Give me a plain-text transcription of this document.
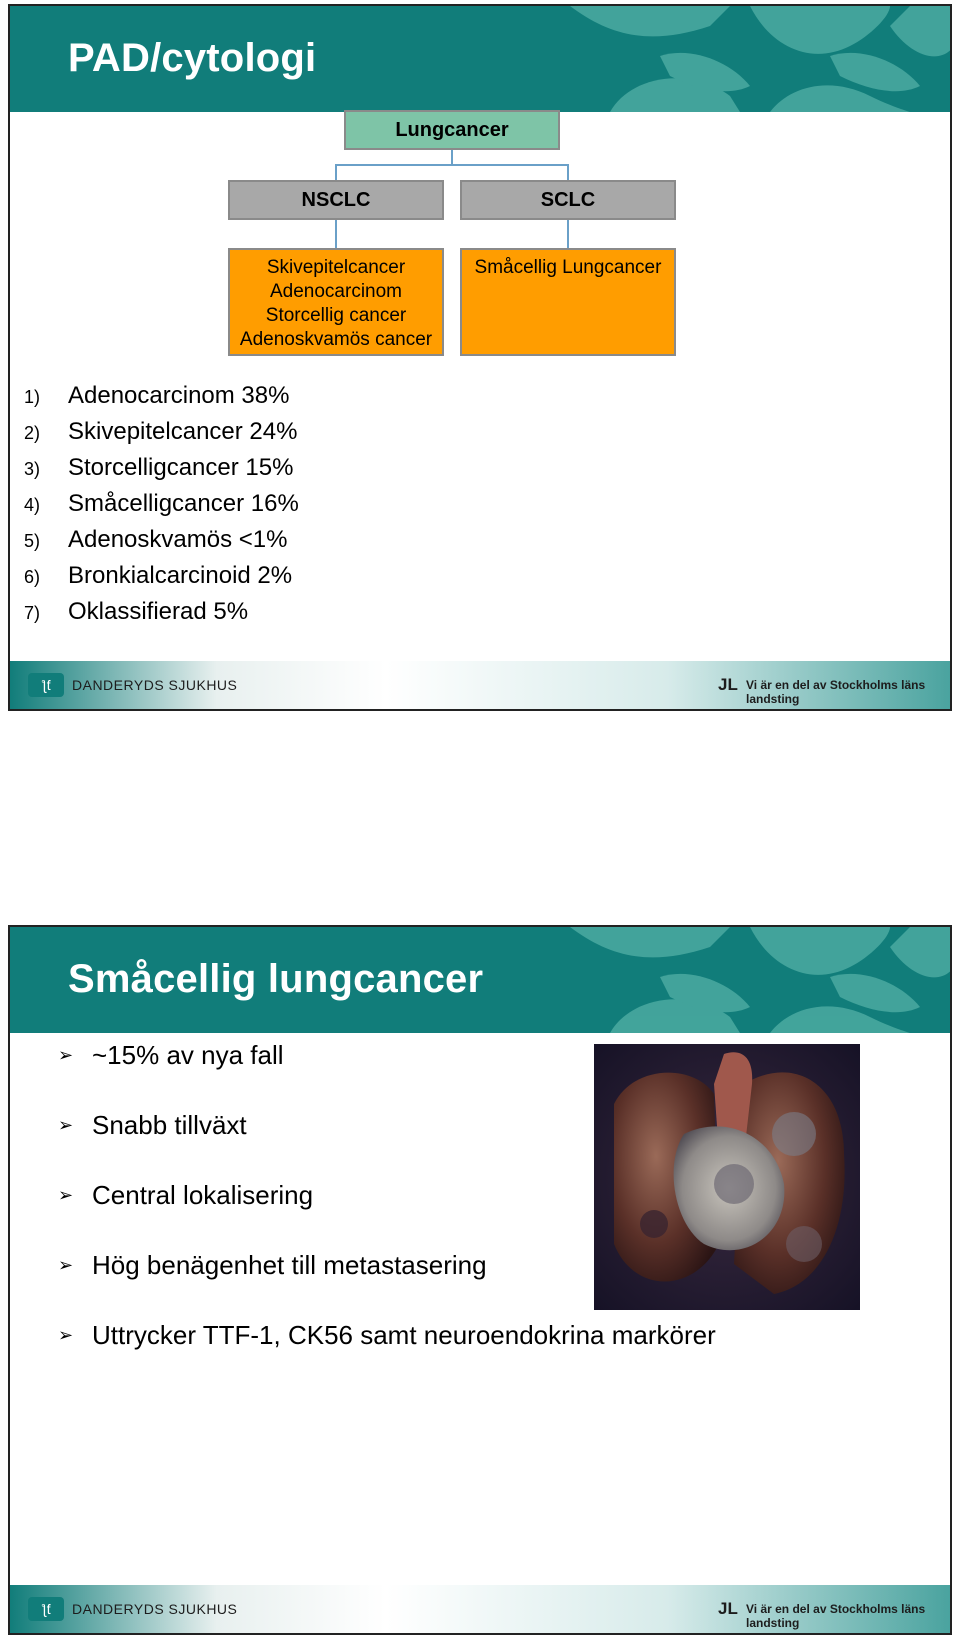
PAD/cytologi
Lungcancer
NSCLC	SCLC
Skivepitelcancer
Adenocarcinom
Storcellig cancer
Adenoskvamös cancer
Småcellig Lungcancer
1) Adenocarcinom 38%
2) Skivepitelcancer 24%
3) Storcelligcancer 15%
4) Småcelligcancer 16%
5) Adenoskvamös <1%
6) Bronkialcarcinoid 2%
7) Oklassifierad 5%
ƪƭ	DANDERYDS SJUKHUS	JL Vi är en del av Stockholms läns landsting
Småcellig lungcancer
ƪƭ	DANDERYDS SJUKHUS	JL Vi är en del av Stockholms läns landsting
➢ ~15% av nya fall
➢ Snabb tillväxt
➢ Central lokalisering
➢ Hög benägenhet till metastasering
➢ Uttrycker TTF-1, CK56 samt neuroendokrina markörer
